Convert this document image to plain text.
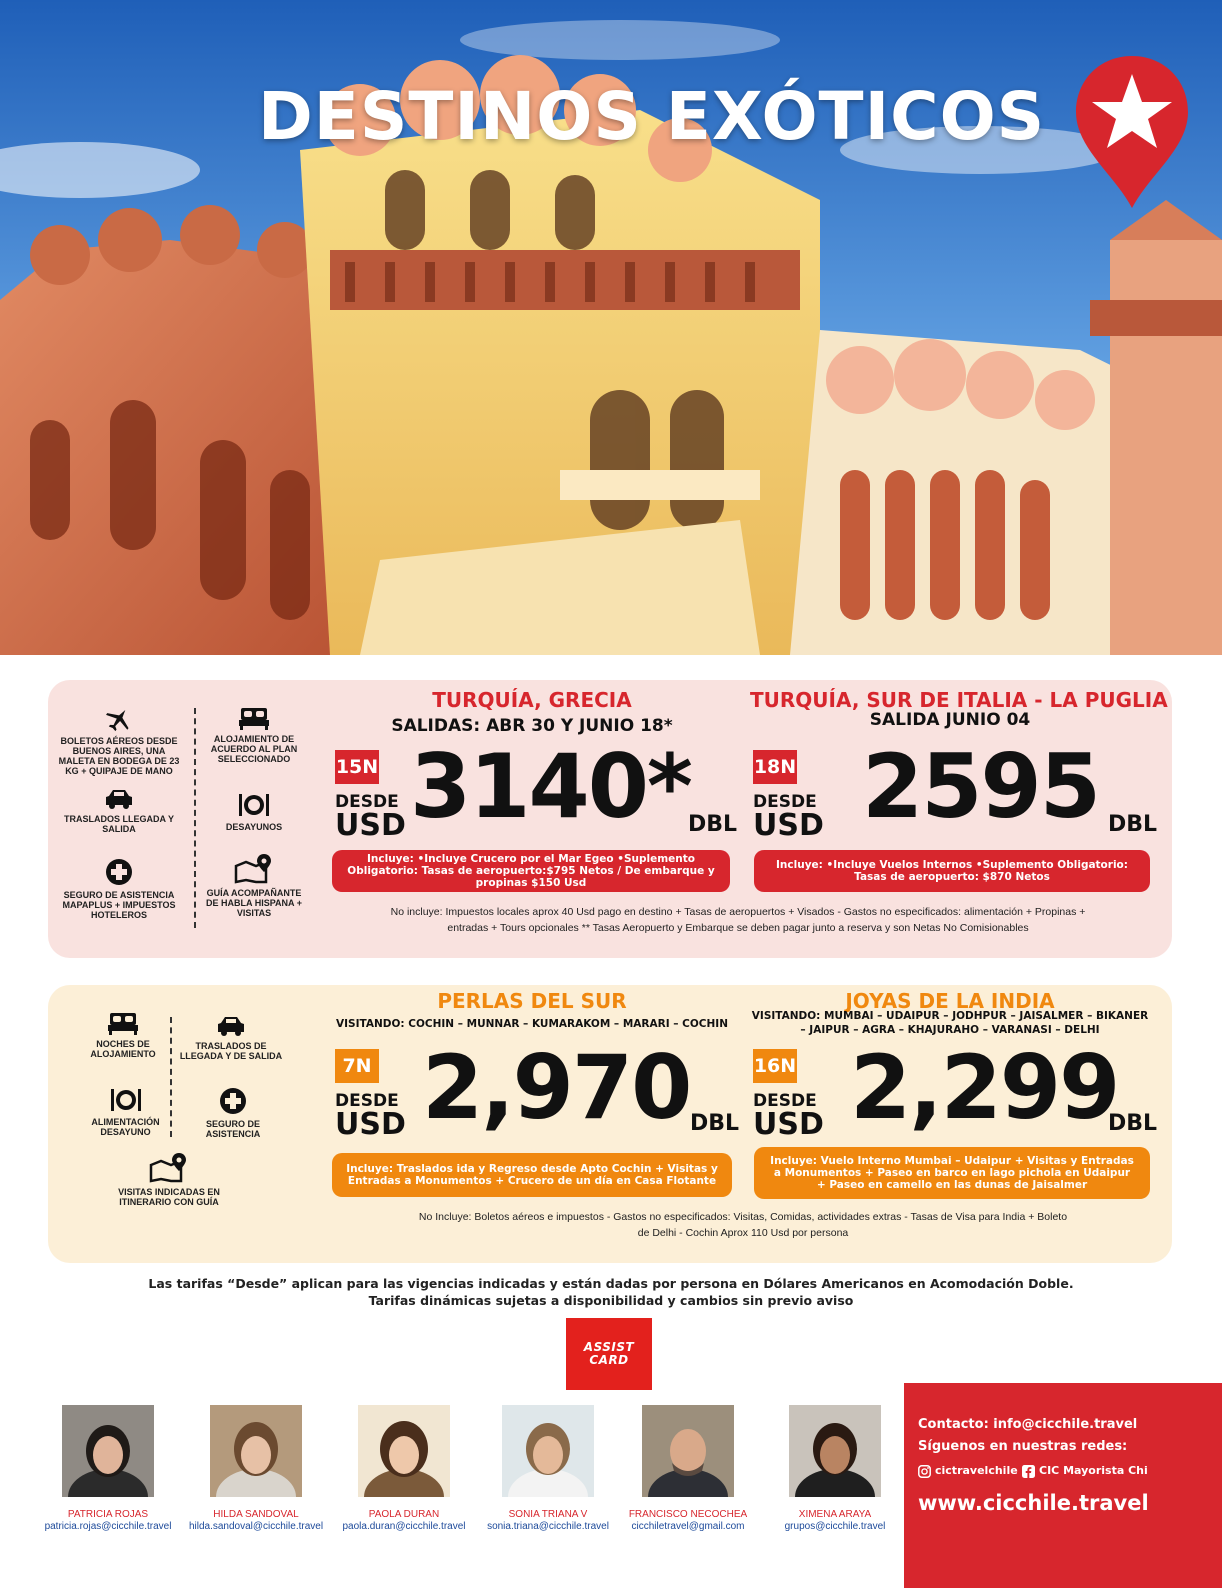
DESTINOS EXÓTICOS
BOLETOS AÉREOS DESDE BUENOS AIRES, UNA MALETA EN BODEGA DE 23 KG + QUIPAJE DE MANO
ALOJAMIENTO DE ACUERDO AL PLAN SELECCIONADO
TRASLADOS LLEGADA Y SALIDA	DESAYUNOS
SEGURO DE ASISTENCIA MAPAPLUS + IMPUESTOS HOTELEROS
GUÍA ACOMPAÑANTE DE HABLA HISPANA + VISITAS
TURQUÍA, GRECIA
SALIDAS: ABR 30 Y JUNIO 18*
15N
DESDE
USD 3140*
DBL
Incluye: •Incluye Crucero por el Mar Egeo •Suplemento Obligatorio: Tasas de aeropuerto:$795 Netos / De embarque y propinas $150 Usd
TURQUÍA, SUR DE ITALIA - LA PUGLIA
SALIDA JUNIO 04
18N
DESDE
USD 2595 DBL
Incluye: •Incluye Vuelos Internos •Suplemento Obligatorio: Tasas de aeropuerto: $870 Netos
No incluye: Impuestos locales aprox 40 Usd pago en destino + Tasas de aeropuertos + Visados - Gastos no especificados: alimentación + Propinas + entradas + Tours opcionales ** Tasas Aeropuerto y Embarque se deben pagar junto a reserva y son Netas No Comisionables
NOCHES DE ALOJAMIENTO
TRASLADOS DE LLEGADA Y DE SALIDA
ALIMENTACIÓN DESAYUNO
SEGURO DE ASISTENCIA
VISITAS INDICADAS EN ITINERARIO CON GUÍA
PERLAS DEL SUR
VISITANDO: COCHIN – MUNNAR – KUMARAKOM – MARARI – COCHIN
7N
DESDE
USD 2,970 DBL
Incluye: Traslados ida y Regreso desde Apto Cochin + Visitas y Entradas a Monumentos + Crucero de un día en Casa Flotante
JOYAS DE LA INDIA
VISITANDO: MUMBAI – UDAIPUR – JODHPUR – JAISALMER – BIKANER – JAIPUR – AGRA – KHAJURAHO – VARANASI – DELHI
16N
DESDE
USD 2,299
DBL
Incluye: Vuelo Interno Mumbai – Udaipur + Visitas y Entradas a Monumentos + Paseo en barco en lago pichola en Udaipur + Paseo en camello en las dunas de Jaisalmer
No Incluye: Boletos aéreos e impuestos - Gastos no especificados: Visitas, Comidas, actividades extras - Tasas de Visa para India + Boleto de Delhi - Cochin Aprox 110 Usd por persona
Las tarifas “Desde” aplican para las vigencias indicadas y están dadas por persona en Dólares Americanos en Acomodación Doble.
Tarifas dinámicas sujetas a disponibilidad y cambios sin previo aviso
ASSIST
CARD
PATRICIA ROJAS
patricia.rojas@cicchile.travel
HILDA SANDOVAL
hilda.sandoval@cicchile.travel
PAOLA DURAN
paola.duran@cicchile.travel
SONIA TRIANA V
sonia.triana@cicchile.travel
FRANCISCO NECOCHEA
cicchiletravel@gmail.com
XIMENA ARAYA
grupos@cicchile.travel
Contacto: info@cicchile.travel
Síguenos en nuestras redes:
cictravelchile CIC Mayorista Chi
www.cicchile.travel
